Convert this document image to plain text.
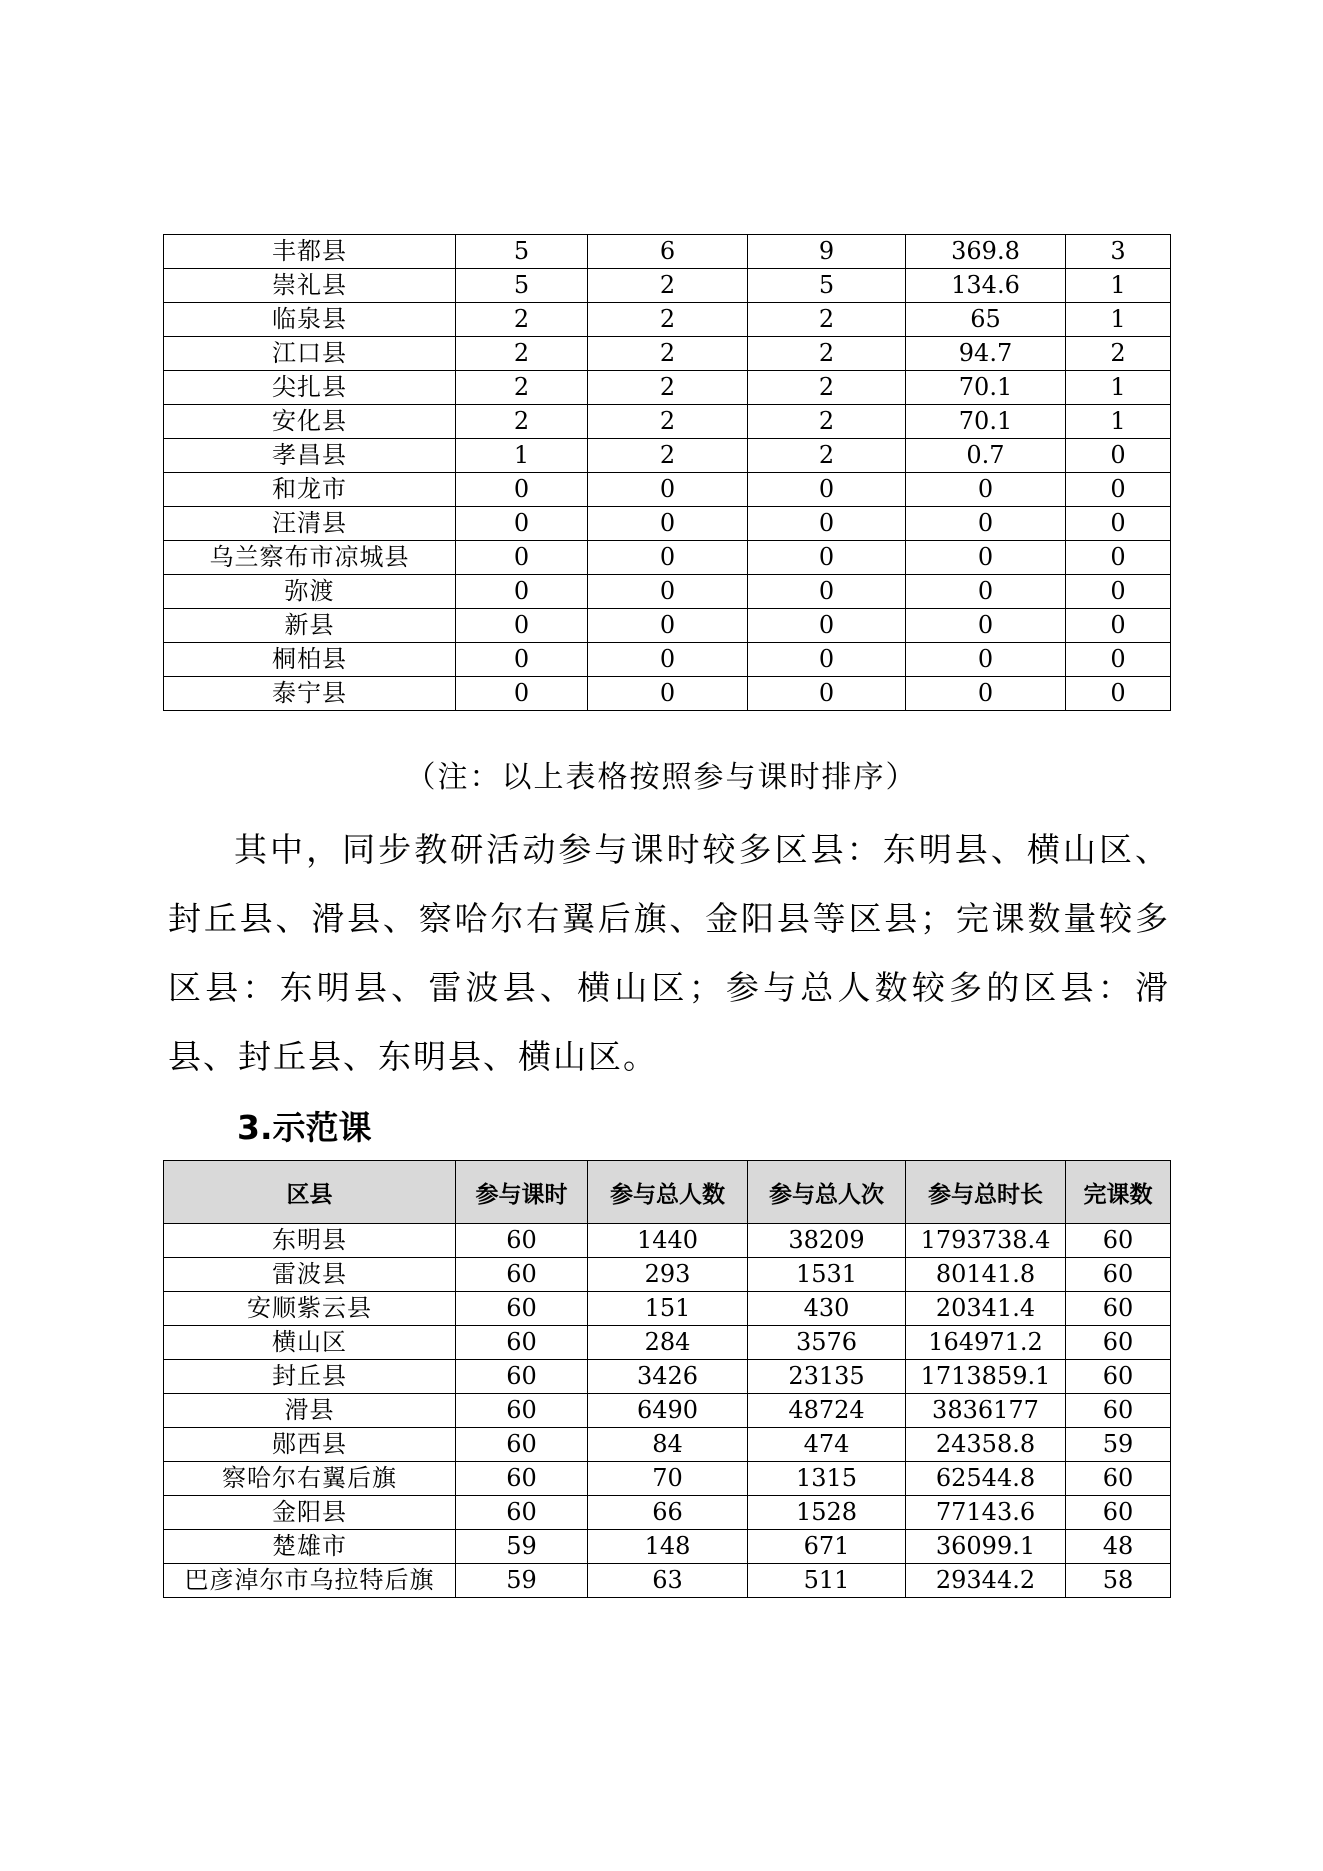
丰都县	5	6	9	369.8	3
崇礼县	5	2	5	134.6	1
临泉县	2	2	2	65	1
江口县	2	2	2	94.7	2
尖扎县	2	2	2	70.1	1
安化县	2	2	2	70.1	1
孝昌县	1	2	2	0.7	0
和龙市	0	0	0	0	0
汪清县	0	0	0	0	0
乌兰察布市凉城县	0	0	0	0	0
弥渡	0	0	0	0	0
新县	0	0	0	0	0
桐柏县	0	0	0	0	0
泰宁县	0	0	0	0	0
（注：以上表格按照参与课时排序）

其中，同步教研活动参与课时较多区县：东明县、横山区、封丘县、滑县、察哈尔右翼后旗、金阳县等区县；完课数量较多区县：东明县、雷波县、横山区；参与总人数较多的区县：滑县、封丘县、东明县、横山区。

3.示范课
区县	参与课时	参与总人数	参与总人次	参与总时长	完课数
东明县	60	1440	38209	1793738.4	60
雷波县	60	293	1531	80141.8	60
安顺紫云县	60	151	430	20341.4	60
横山区	60	284	3576	164971.2	60
封丘县	60	3426	23135	1713859.1	60
滑县	60	6490	48724	3836177	60
郧西县	60	84	474	24358.8	59
察哈尔右翼后旗	60	70	1315	62544.8	60
金阳县	60	66	1528	77143.6	60
楚雄市	59	148	671	36099.1	48
巴彦淖尔市乌拉特后旗	59	63	511	29344.2	58
